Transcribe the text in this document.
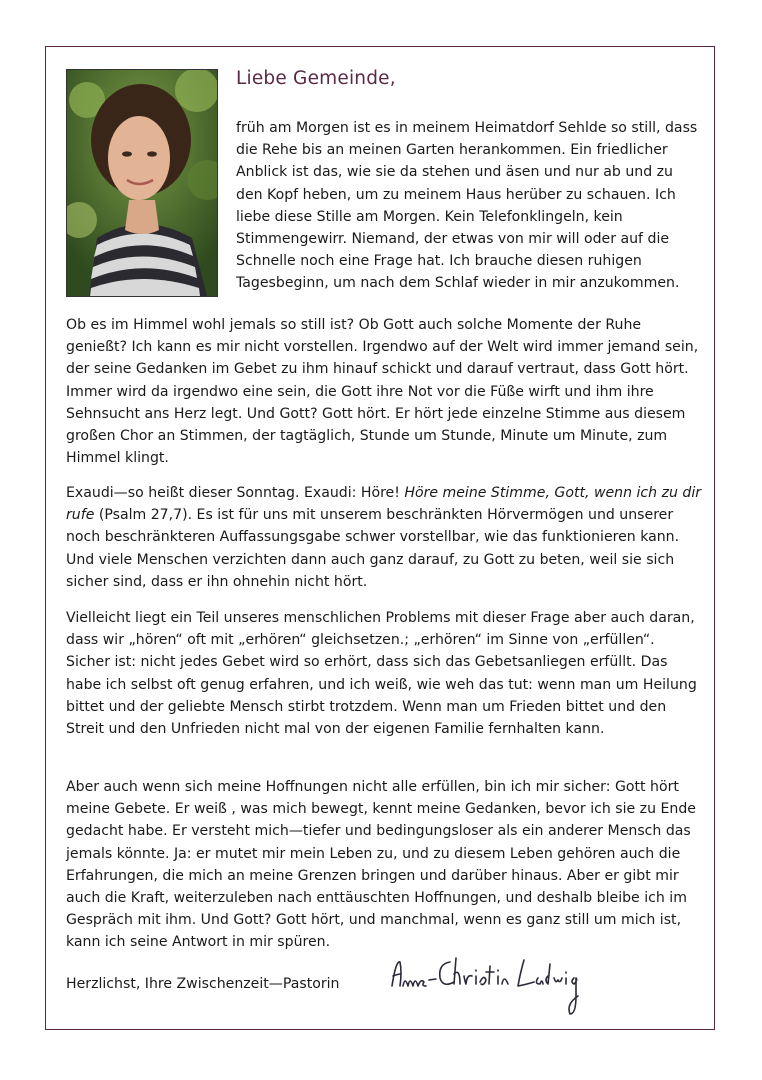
Liebe Gemeinde,

früh am Morgen ist es in meinem Heimatdorf Sehlde so still, dass die Rehe bis an meinen Garten herankommen. Ein friedlicher Anblick ist das, wie sie da stehen und äsen und nur ab und zu den Kopf heben, um zu meinem Haus herüber zu schauen. Ich liebe diese Stille am Morgen. Kein Telefonklingeln, kein Stimmengewirr. Niemand, der etwas von mir will oder auf die Schnelle noch eine Frage hat. Ich brauche diesen ruhigen Tagesbeginn, um nach dem Schlaf wieder in mir anzukommen.

Ob es im Himmel wohl jemals so still ist? Ob Gott auch solche Momente der Ruhe genießt? Ich kann es mir nicht vorstellen. Irgendwo auf der Welt wird immer jemand sein, der seine Gedanken im Gebet zu ihm hinauf schickt und darauf vertraut, dass Gott hört. Immer wird da irgendwo eine sein, die Gott ihre Not vor die Füße wirft und ihm ihre Sehnsucht ans Herz legt. Und Gott? Gott hört. Er hört jede einzelne Stimme aus diesem großen Chor an Stimmen, der tagtäglich, Stunde um Stunde, Minute um Minute, zum Himmel klingt.

Exaudi—so heißt dieser Sonntag. Exaudi: Höre! Höre meine Stimme, Gott, wenn ich zu dir rufe (Psalm 27,7). Es ist für uns mit unserem beschränkten Hörvermögen und unserer noch beschränkteren Auffassungsgabe schwer vorstellbar, wie das funktionieren kann. Und viele Menschen verzichten dann auch ganz darauf, zu Gott zu beten, weil sie sich sicher sind, dass er ihn ohnehin nicht hört.

Vielleicht liegt ein Teil unseres menschlichen Problems mit dieser Frage aber auch daran, dass wir „hören“ oft mit „erhören“ gleichsetzen.; „erhören“ im Sinne von „erfüllen“. Sicher ist: nicht jedes Gebet wird so erhört, dass sich das Gebetsanliegen erfüllt. Das habe ich selbst oft genug erfahren, und ich weiß, wie weh das tut: wenn man um Heilung bittet und der geliebte Mensch stirbt trotzdem. Wenn man um Frieden bittet und den Streit und den Unfrieden nicht mal von der eigenen Familie fernhalten kann.

Aber auch wenn sich meine Hoffnungen nicht alle erfüllen, bin ich mir sicher: Gott hört meine Gebete. Er weiß , was mich bewegt, kennt meine Gedanken, bevor ich sie zu Ende gedacht habe. Er versteht mich—tiefer und bedingungsloser als ein anderer Mensch das jemals könnte. Ja: er mutet mir mein Leben zu, und zu diesem Leben gehören auch die Erfahrungen, die mich an meine Grenzen bringen und darüber hinaus. Aber er gibt mir auch die Kraft, weiterzuleben nach enttäuschten Hoffnungen, und deshalb bleibe ich im Gespräch mit ihm. Und Gott? Gott hört, und manchmal, wenn es ganz still um mich ist, kann ich seine Antwort in mir spüren.

Herzlichst, Ihre Zwischenzeit—Pastorin
